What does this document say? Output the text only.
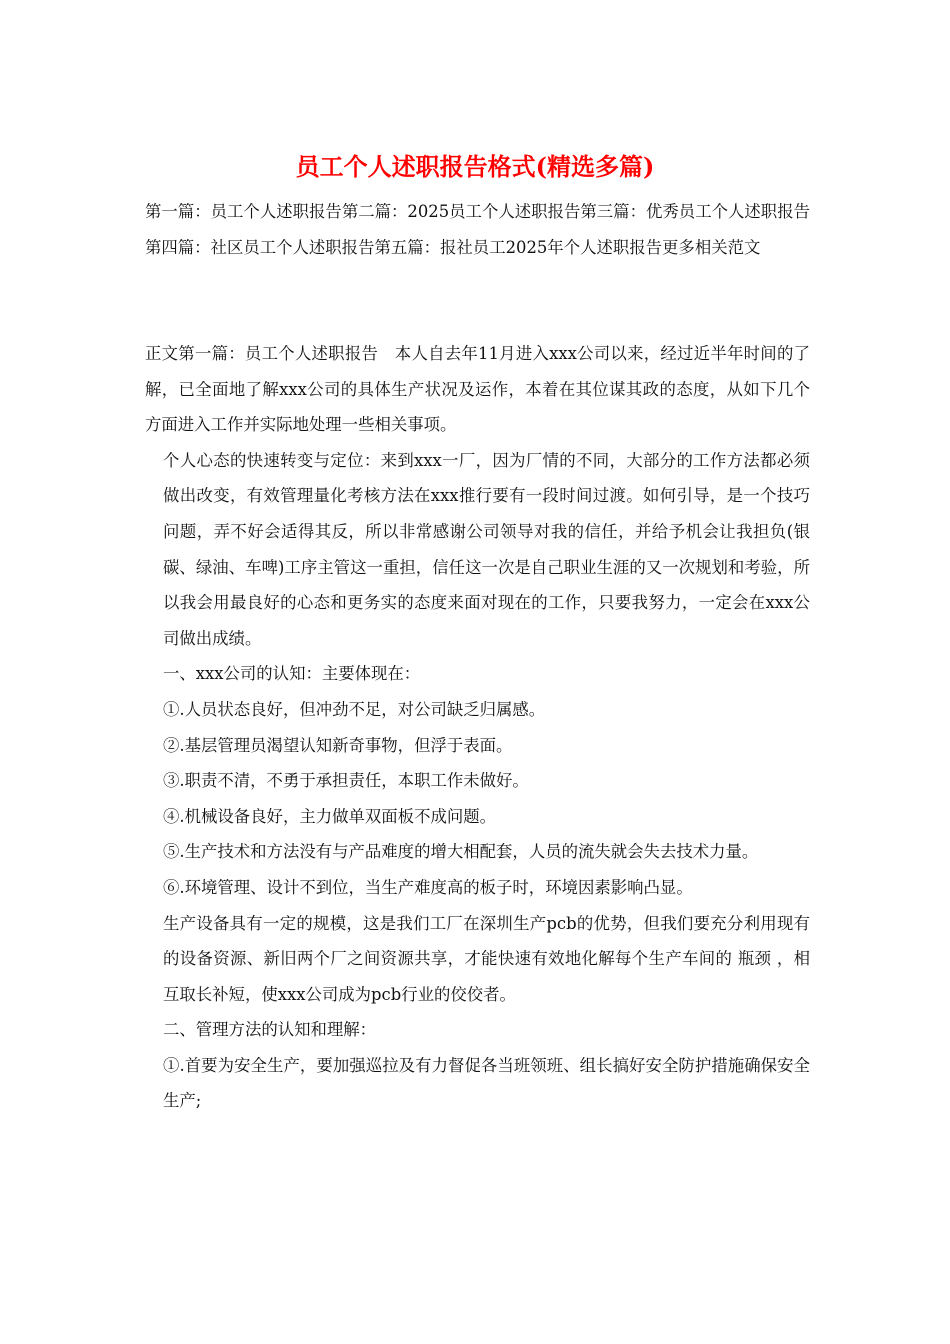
员工个人述职报告格式(精选多篇)

第一篇：员工个人述职报告第二篇：2025员工个人述职报告第三篇：优秀员工个人述职报告第四篇：社区员工个人述职报告第五篇：报社员工2025年个人述职报告更多相关范文

正文第一篇：员工个人述职报告　本人自去年11月进入xxx公司以来，经过近半年时间的了解，已全面地了解xxx公司的具体生产状况及运作，本着在其位谋其政的态度，从如下几个方面进入工作并实际地处理一些相关事项。

个人心态的快速转变与定位：来到xxx一厂，因为厂情的不同，大部分的工作方法都必须做出改变，有效管理量化考核方法在xxx推行要有一段时间过渡。如何引导，是一个技巧问题，弄不好会适得其反，所以非常感谢公司领导对我的信任，并给予机会让我担负(银碳、绿油、车啤)工序主管这一重担，信任这一次是自己职业生涯的又一次规划和考验，所以我会用最良好的心态和更务实的态度来面对现在的工作，只要我努力，一定会在xxx公司做出成绩。

一、xxx公司的认知：主要体现在：

①.人员状态良好，但冲劲不足，对公司缺乏归属感。

②.基层管理员渴望认知新奇事物，但浮于表面。

③.职责不清，不勇于承担责任，本职工作未做好。

④.机械设备良好，主力做单双面板不成问题。

⑤.生产技术和方法没有与产品难度的增大相配套，人员的流失就会失去技术力量。

⑥.环境管理、设计不到位，当生产难度高的板子时，环境因素影响凸显。

生产设备具有一定的规模，这是我们工厂在深圳生产pcb的优势，但我们要充分利用现有的设备资源、新旧两个厂之间资源共享，才能快速有效地化解每个生产车间的 瓶颈 ，相互取长补短，使xxx公司成为pcb行业的佼佼者。

二、管理方法的认知和理解：

①.首要为安全生产，要加强巡拉及有力督促各当班领班、组长搞好安全防护措施确保安全生产;
